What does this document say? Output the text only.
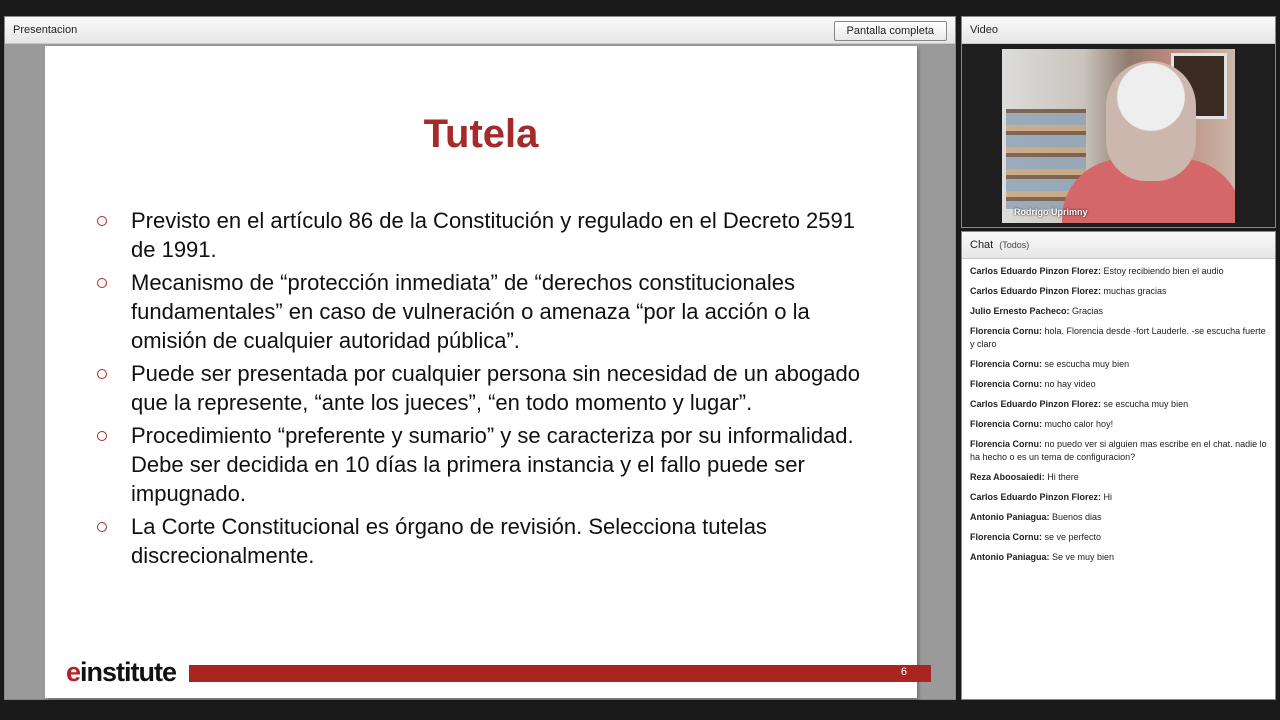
Presentacion	Pantalla completa
Tutela
Previsto en el artículo 86 de la Constitución y regulado en el Decreto 2591 de 1991.
Mecanismo de “protección inmediata” de “derechos constitucionales fundamentales” en caso de vulneración o amenaza “por la acción o la omisión de cualquier autoridad pública”.
Puede ser presentada por cualquier persona sin necesidad de un abogado que la represente, “ante los jueces”, “en todo momento y lugar”.
Procedimiento “preferente y sumario” y se caracteriza por su informalidad. Debe ser decidida en 10 días la primera instancia y el fallo puede ser impugnado.
La Corte Constitucional es órgano de revisión. Selecciona tutelas discrecionalmente.
einstitute	6
Video
Rodrigo Uprimny
Chat (Todos)
Carlos Eduardo Pinzon Florez: Estoy recibiendo bien el audio
Carlos Eduardo Pinzon Florez: muchas gracias
Julio Ernesto Pacheco: Gracias
Florencia Cornu: hola. Florencia desde -fort Lauderle. -se escucha fuerte y claro
Florencia Cornu: se escucha muy bien
Florencia Cornu: no hay video
Carlos Eduardo Pinzon Florez: se escucha muy bien
Florencia Cornu: mucho calor hoy!
Florencia Cornu: no puedo ver si alguien mas escribe en el chat. nadie lo ha hecho o es un tema de configuracion?
Reza Aboosaiedi: Hi there
Carlos Eduardo Pinzon Florez: Hi
Antonio Paniagua: Buenos dias
Florencia Cornu: se ve perfecto
Antonio Paniagua: Se ve muy bien
